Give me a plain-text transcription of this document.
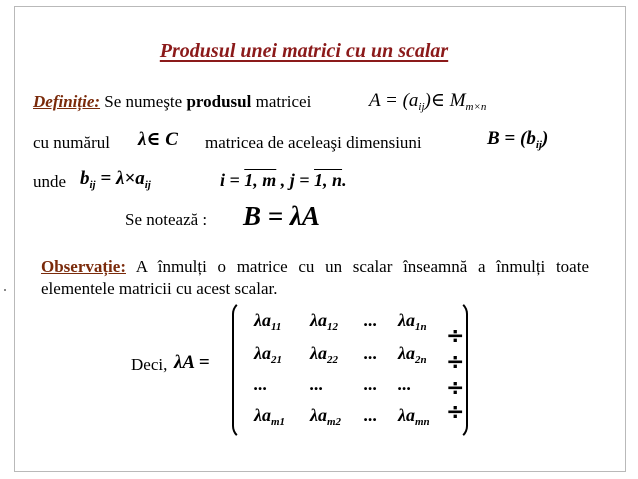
Produsul unei matrici cu un scalar
Definiție: Se numeşte produsul matricei	$A = (a_{ij})\in$ $M_{m\times n}$
cu numărul λ∈ C matricea de aceleaşi dimensiuni	$B = (b_{ij})$
unde $b_{ij} = \lambda\times a_{ij}$	i = 1, m , j = 1, n.
Se notează : B = λA
Observație: A înmulți o matrice cu un scalar înseamnă a înmulți toate elementele matricii cu acest scalar.
Deci, λA =
$\lambda a_{11}$ $\lambda a_{12}$ ... $\lambda a_{1n}$
$\lambda a_{21}$ $\lambda a_{22}$ ... $\lambda a_{2n}$
... ... ... ...
$\lambda a_{m1}$ $\lambda a_{m2}$ ... $\lambda a_{mn}$
÷
÷
÷
÷
